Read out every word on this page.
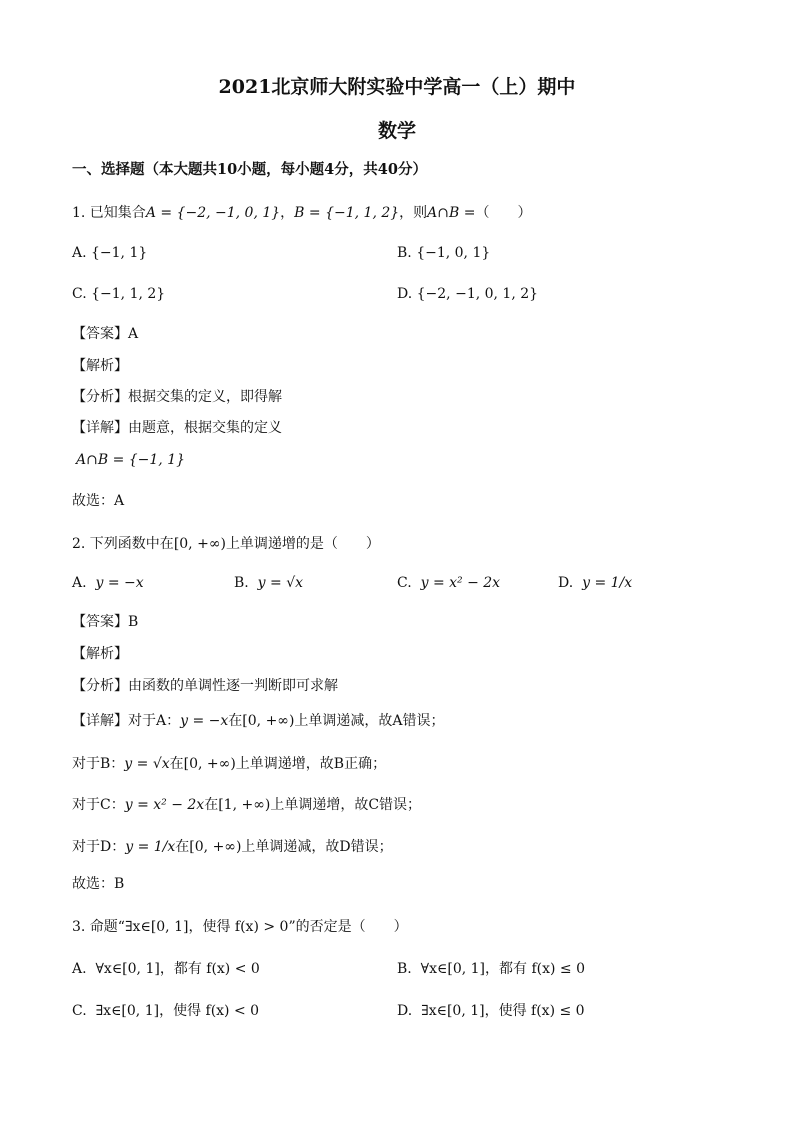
2021北京师大附实验中学高一（上）期中
数学
一、选择题（本大题共10小题，每小题4分，共40分）
1. 已知集合A = {−2, −1, 0, 1}，B = {−1, 1, 2}，则A∩B =（　　）
A. {−1, 1}	B. {−1, 0, 1}
C. {−1, 1, 2}	D. {−2, −1, 0, 1, 2}
【答案】A
【解析】
【分析】根据交集的定义，即得解
【详解】由题意，根据交集的定义
A∩B = {−1, 1}
故选：A
2. 下列函数中在[0, +∞)上单调递增的是（　　）
A. y = −x	B. y = √x	C. y = x² − 2x	D. y = 1/x
【答案】B
【解析】
【分析】由函数的单调性逐一判断即可求解
【详解】对于A：y = −x在[0, +∞)上单调递减，故A错误；
对于B：y = √x在[0, +∞)上单调递增，故B正确；
对于C：y = x² − 2x在[1, +∞)上单调递增，故C错误；
对于D：y = 1/x在[0, +∞)上单调递减，故D错误；
故选：B
3. 命题“∃x∈[0, 1]，使得 f(x) > 0”的否定是（　　）
A. ∀x∈[0, 1]，都有 f(x) < 0	B. ∀x∈[0, 1]，都有 f(x) ≤ 0
C. ∃x∈[0, 1]，使得 f(x) < 0	D. ∃x∈[0, 1]，使得 f(x) ≤ 0
